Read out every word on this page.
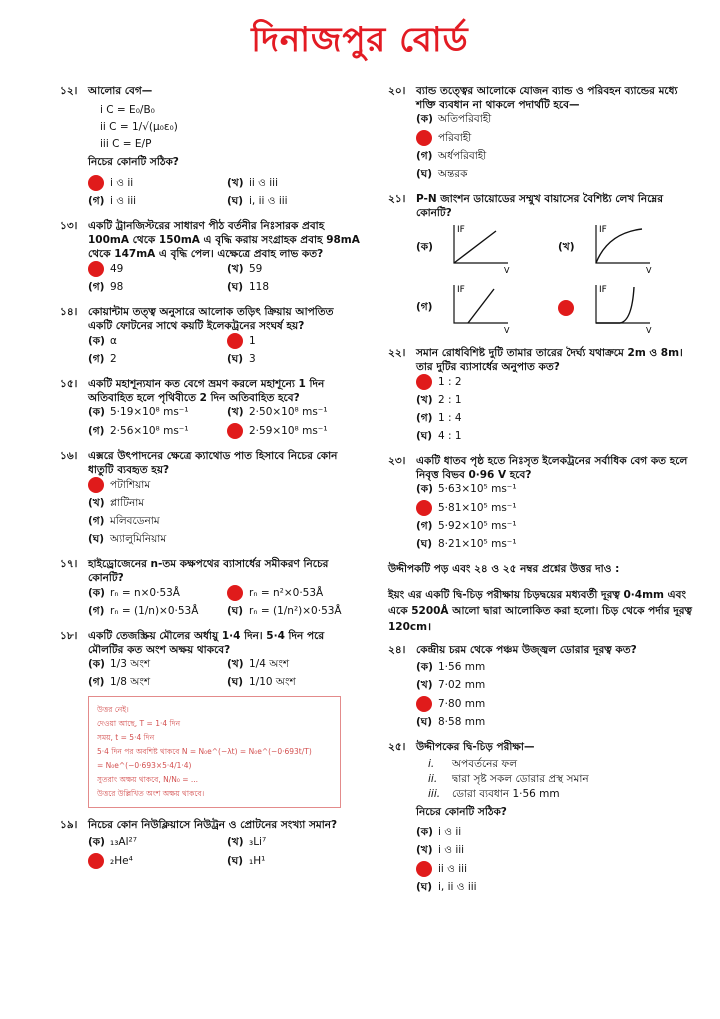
দিনাজপুর বোর্ড
১২।	আলোর বেগ—
i C = E₀/B₀
ii C = 1/√(μ₀ε₀)
iii C = E/P
নিচের কোনটি সঠিক?
i ও ii	(খ) ii ও iii
(গ) i ও iii	(ঘ) i, ii ও iii
১৩।	একটি ট্রানজিস্টরের সাধারণ পীঠ বর্তনীর নিঃসারক প্রবাহ 100mA থেকে 150mA এ বৃদ্ধি করায় সংগ্রাহক প্রবাহ 98mA থেকে 147mA এ বৃদ্ধি পেল। এক্ষেত্রে প্রবাহ লাভ কত?
49	(খ) 59
(গ) 98	(ঘ) 118
১৪।	কোয়ান্টাম তত্ত্ব অনুসারে আলোক তড়িৎ ক্রিয়ায় আপতিত একটি ফোটনের সাথে কয়টি ইলেকট্রনের সংঘর্ষ হয়?
(ক) α	1
(গ) 2	(ঘ) 3
১৫।	একটি মহাশূন্যযান কত বেগে ভ্রমণ করলে মহাশূন্যে 1 দিন অতিবাহিত হলে পৃথিবীতে 2 দিন অতিবাহিত হবে?
(ক) 5·19×10⁸ ms⁻¹	(খ) 2·50×10⁸ ms⁻¹
(গ) 2·56×10⁸ ms⁻¹	2·59×10⁸ ms⁻¹
১৬।	এক্সরে উৎপাদনের ক্ষেত্রে ক্যাথোড পাত হিসাবে নিচের কোন ধাতুটি ব্যবহৃত হয়?
পটাশিয়াম
(খ) প্লাটিনাম
(গ) মলিবডেনাম
(ঘ) অ্যালুমিনিয়াম
১৭।	হাইড্রোজেনের n-তম কক্ষপথের ব্যাসার্ধের সমীকরণ নিচের কোনটি?
(ক) rₙ = n×0·53Å	rₙ = n²×0·53Å
(গ) rₙ = (1/n)×0·53Å	(ঘ) rₙ = (1/n²)×0·53Å
১৮।	একটি তেজস্ক্রিয় মৌলের অর্ধায়ু 1·4 দিন। 5·4 দিন পরে মৌলটির কত অংশ অক্ষয় থাকবে?
(ক) 1/3 অংশ	(খ) 1/4 অংশ
(গ) 1/8 অংশ	(ঘ) 1/10 অংশ
উত্তর নেই।
দেওয়া আছে, T = 1·4 দিন
সময়, t = 5·4 দিন
5·4 দিন পর অবশিষ্ট থাকবে N = N₀e^(−λt) = N₀e^(−0·693t/T)
= N₀e^(−0·693×5·4/1·4)
সুতরাং অক্ষয় থাকবে, N/N₀ = ...
উত্তরে উল্লিখিত অংশ অক্ষয় থাকবে।
১৯।	নিচের কোন নিউক্লিয়াসে নিউট্রন ও প্রোটনের সংখ্যা সমান?
(ক) ₁₃Al²⁷	(খ) ₃Li⁷
₂He⁴	(ঘ) ₁H¹
২০।	ব্যান্ড তত্ত্বের আলোকে যোজন ব্যান্ড ও পরিবহন ব্যান্ডের মধ্যে শক্তি ব্যবধান না থাকলে পদার্থটি হবে—
(ক) অতিপরিবাহী
পরিবাহী
(গ) অর্ধপরিবাহী
(ঘ) অন্তরক
২১।	P-N জাংশন ডায়োডের সম্মুখ বায়াসের বৈশিষ্ট্য লেখ নিম্নের কোনটি?
(ক)
IF
V
(খ)
IF
V
(গ)
IF
V
IF
V
২২।	সমান রোধবিশিষ্ট দুটি তামার তারের দৈর্ঘ্য যথাক্রমে 2m ও 8m। তার দুটির ব্যাসার্ধের অনুপাত কত?
1 : 2
(খ) 2 : 1
(গ) 1 : 4
(ঘ) 4 : 1
২৩।	একটি ধাতব পৃষ্ঠ হতে নিঃসৃত ইলেকট্রনের সর্বাধিক বেগ কত হলে নিবৃত্ত বিভব 0·96 V হবে?
(ক) 5·63×10⁵ ms⁻¹
5·81×10⁵ ms⁻¹
(গ) 5·92×10⁵ ms⁻¹
(ঘ) 8·21×10⁵ ms⁻¹
উদ্দীপকটি পড় এবং ২৪ ও ২৫ নম্বর প্রশ্নের উত্তর দাও :
ইয়ং এর একটি দ্বি-চিড় পরীক্ষায় চিড়দ্বয়ের মধ্যবর্তী দূরত্ব 0·4mm এবং একে 5200Å আলো দ্বারা আলোকিত করা হলো। চিড় থেকে পর্দার দূরত্ব 120cm।
২৪।	কেন্দ্রীয় চরম থেকে পঞ্চম উজ্জ্বল ডোরার দূরত্ব কত?
(ক) 1·56 mm
(খ) 7·02 mm
7·80 mm
(ঘ) 8·58 mm
২৫।	উদ্দীপকের দ্বি-চিড় পরীক্ষা—
i.	অপবর্তনের ফল
ii.	দ্বারা সৃষ্ট সকল ডোরার প্রস্থ সমান
iii.	ডোরা ব্যবধান 1·56 mm
নিচের কোনটি সঠিক?
(ক) i ও ii
(খ) i ও iii
ii ও iii
(ঘ) i, ii ও iii
